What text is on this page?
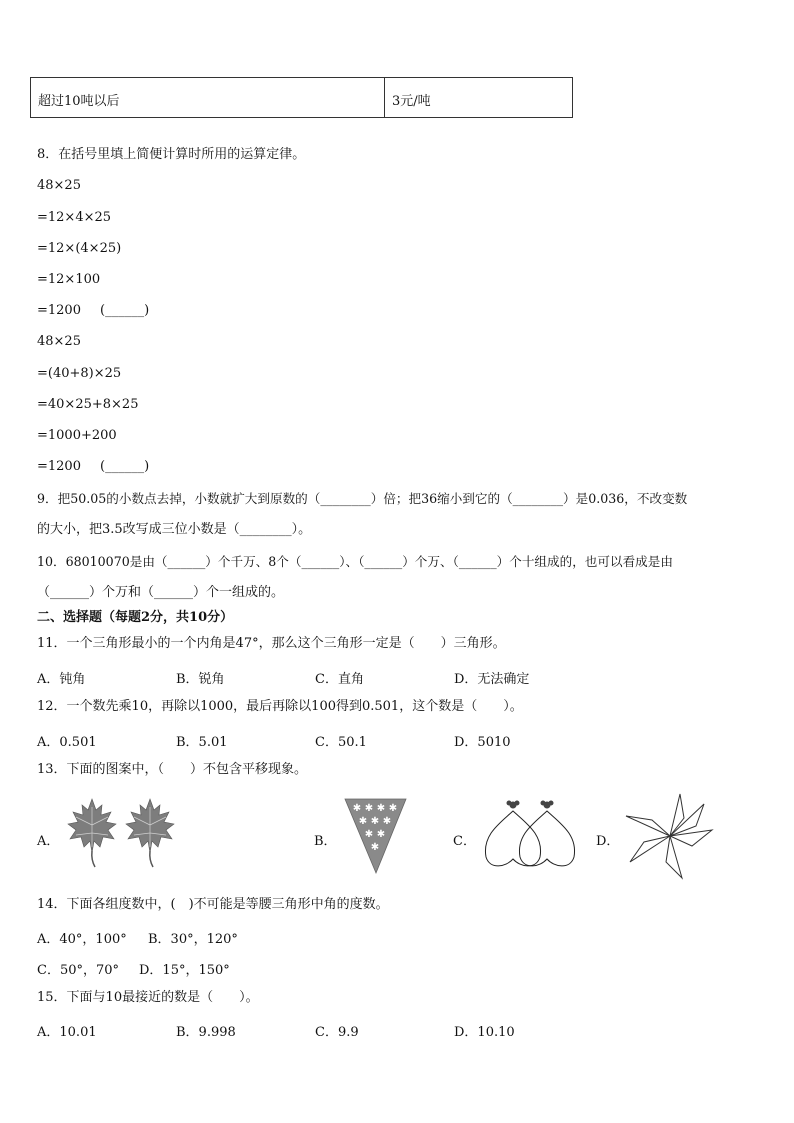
超过10吨以后	3元/吨
8．在括号里填上简便计算时所用的运算定律。
48×25
=12×4×25
=12×(4×25)
=12×100
=1200 (______)
48×25
=(40+8)×25
=40×25+8×25
=1000+200
=1200 (______)
9．把50.05的小数点去掉，小数就扩大到原数的（________）倍；把36缩小到它的（________）是0.036，不改变数
的大小，把3.5改写成三位小数是（________）。
10．68010070是由（______）个千万、8个（______）、（______）个万、（______）个十组成的，也可以看成是由
（______）个万和（______）个一组成的。
二、选择题（每题2分，共10分）
11．一个三角形最小的一个内角是47°，那么这个三角形一定是（　　）三角形。
A．钝角	B．锐角	C．直角	D．无法确定
12．一个数先乘10，再除以1000，最后再除以100得到0.501，这个数是（　　）。
A．0.501	B．5.01	C．50.1	D．5010
13．下面的图案中，（　　）不包含平移现象。
A．	B．
✱ ✱ ✱ ✱
✱ ✱ ✱
✱ ✱
✱	C．	D．
14．下面各组度数中，(　)不可能是等腰三角形中角的度数。
A．40°，100° B．30°，120°
C．50°，70° D．15°，150°
15．下面与10最接近的数是（　　）。
A．10.01	B．9.998	C．9.9	D．10.10
